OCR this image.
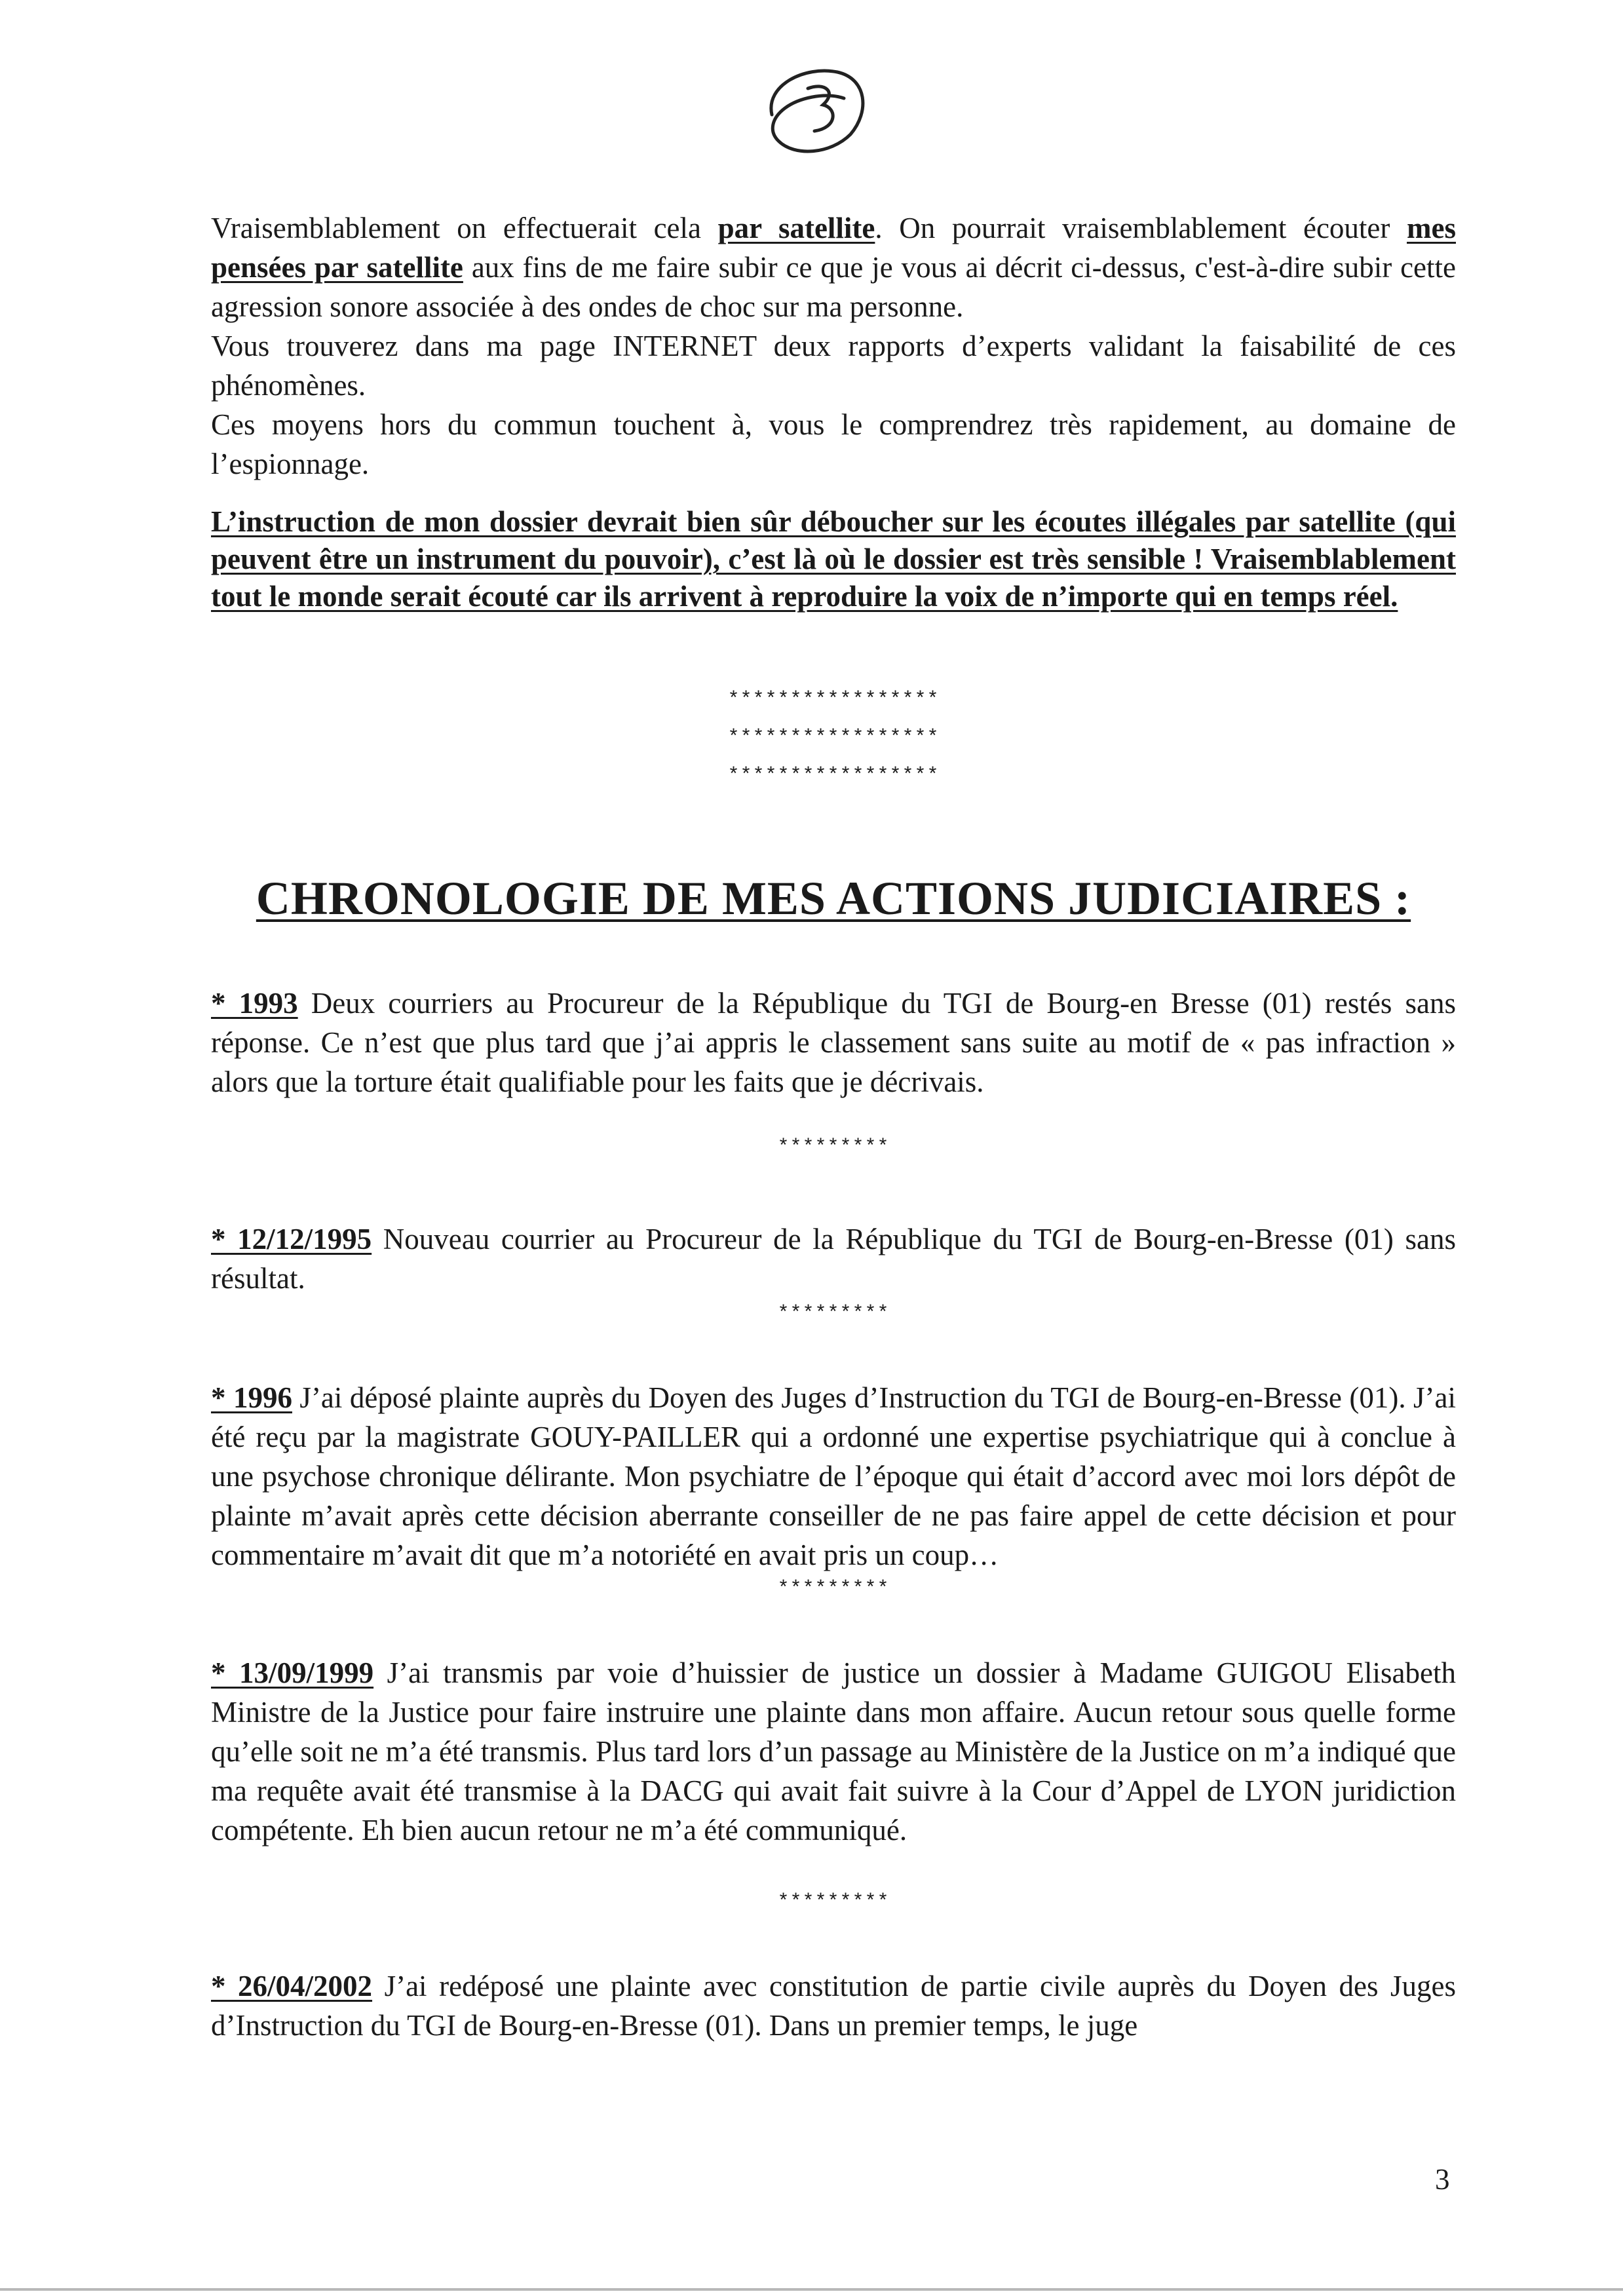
Vraisemblablement on effectuerait cela par satellite. On pourrait vraisemblablement écouter mes pensées par satellite aux fins de me faire subir ce que je vous ai décrit ci-dessus, c'est-à-dire subir cette agression sonore associée à des ondes de choc sur ma personne.

Vous trouverez dans ma page INTERNET deux rapports d’experts validant la faisabilité de ces phénomènes.

Ces moyens hors du commun touchent à, vous le comprendrez très rapidement, au domaine de l’espionnage.

L’instruction de mon dossier devrait bien sûr déboucher sur les écoutes illégales par satellite (qui peuvent être un instrument du pouvoir), c’est là où le dossier est très sensible ! Vraisemblablement tout le monde serait écouté car ils arrivent à reproduire la voix de n’importe qui en temps réel.

*****************

*****************

*****************

CHRONOLOGIE DE MES ACTIONS JUDICIAIRES :

* 1993 Deux courriers au Procureur de la République du TGI de Bourg-en Bresse (01) restés sans réponse. Ce n’est que plus tard que j’ai appris le classement sans suite au motif de « pas infraction » alors que la torture était qualifiable pour les faits que je décrivais.

*********

* 12/12/1995 Nouveau courrier au Procureur de la République du TGI de Bourg-en-Bresse (01) sans résultat.

*********

* 1996 J’ai déposé plainte auprès du Doyen des Juges d’Instruction du TGI de Bourg-en-Bresse (01). J’ai été reçu par la magistrate GOUY-PAILLER qui a ordonné une expertise psychiatrique qui à conclue à une psychose chronique délirante. Mon psychiatre de l’époque qui était d’accord avec moi lors dépôt de plainte m’avait après cette décision aberrante conseiller de ne pas faire appel de cette décision et pour commentaire m’avait dit que m’a notoriété en avait pris un coup…

*********

* 13/09/1999 J’ai transmis par voie d’huissier de justice un dossier à Madame GUIGOU Elisabeth Ministre de la Justice pour faire instruire une plainte dans mon affaire. Aucun retour sous quelle forme qu’elle soit ne m’a été transmis. Plus tard lors d’un passage au Ministère de la Justice on m’a indiqué que ma requête avait été transmise à la DACG qui avait fait suivre à la Cour d’Appel de LYON juridiction compétente. Eh bien aucun retour ne m’a été communiqué.

*********

* 26/04/2002 J’ai redéposé une plainte avec constitution de partie civile auprès du Doyen des Juges d’Instruction du TGI de Bourg-en-Bresse (01). Dans un premier temps, le juge

3
